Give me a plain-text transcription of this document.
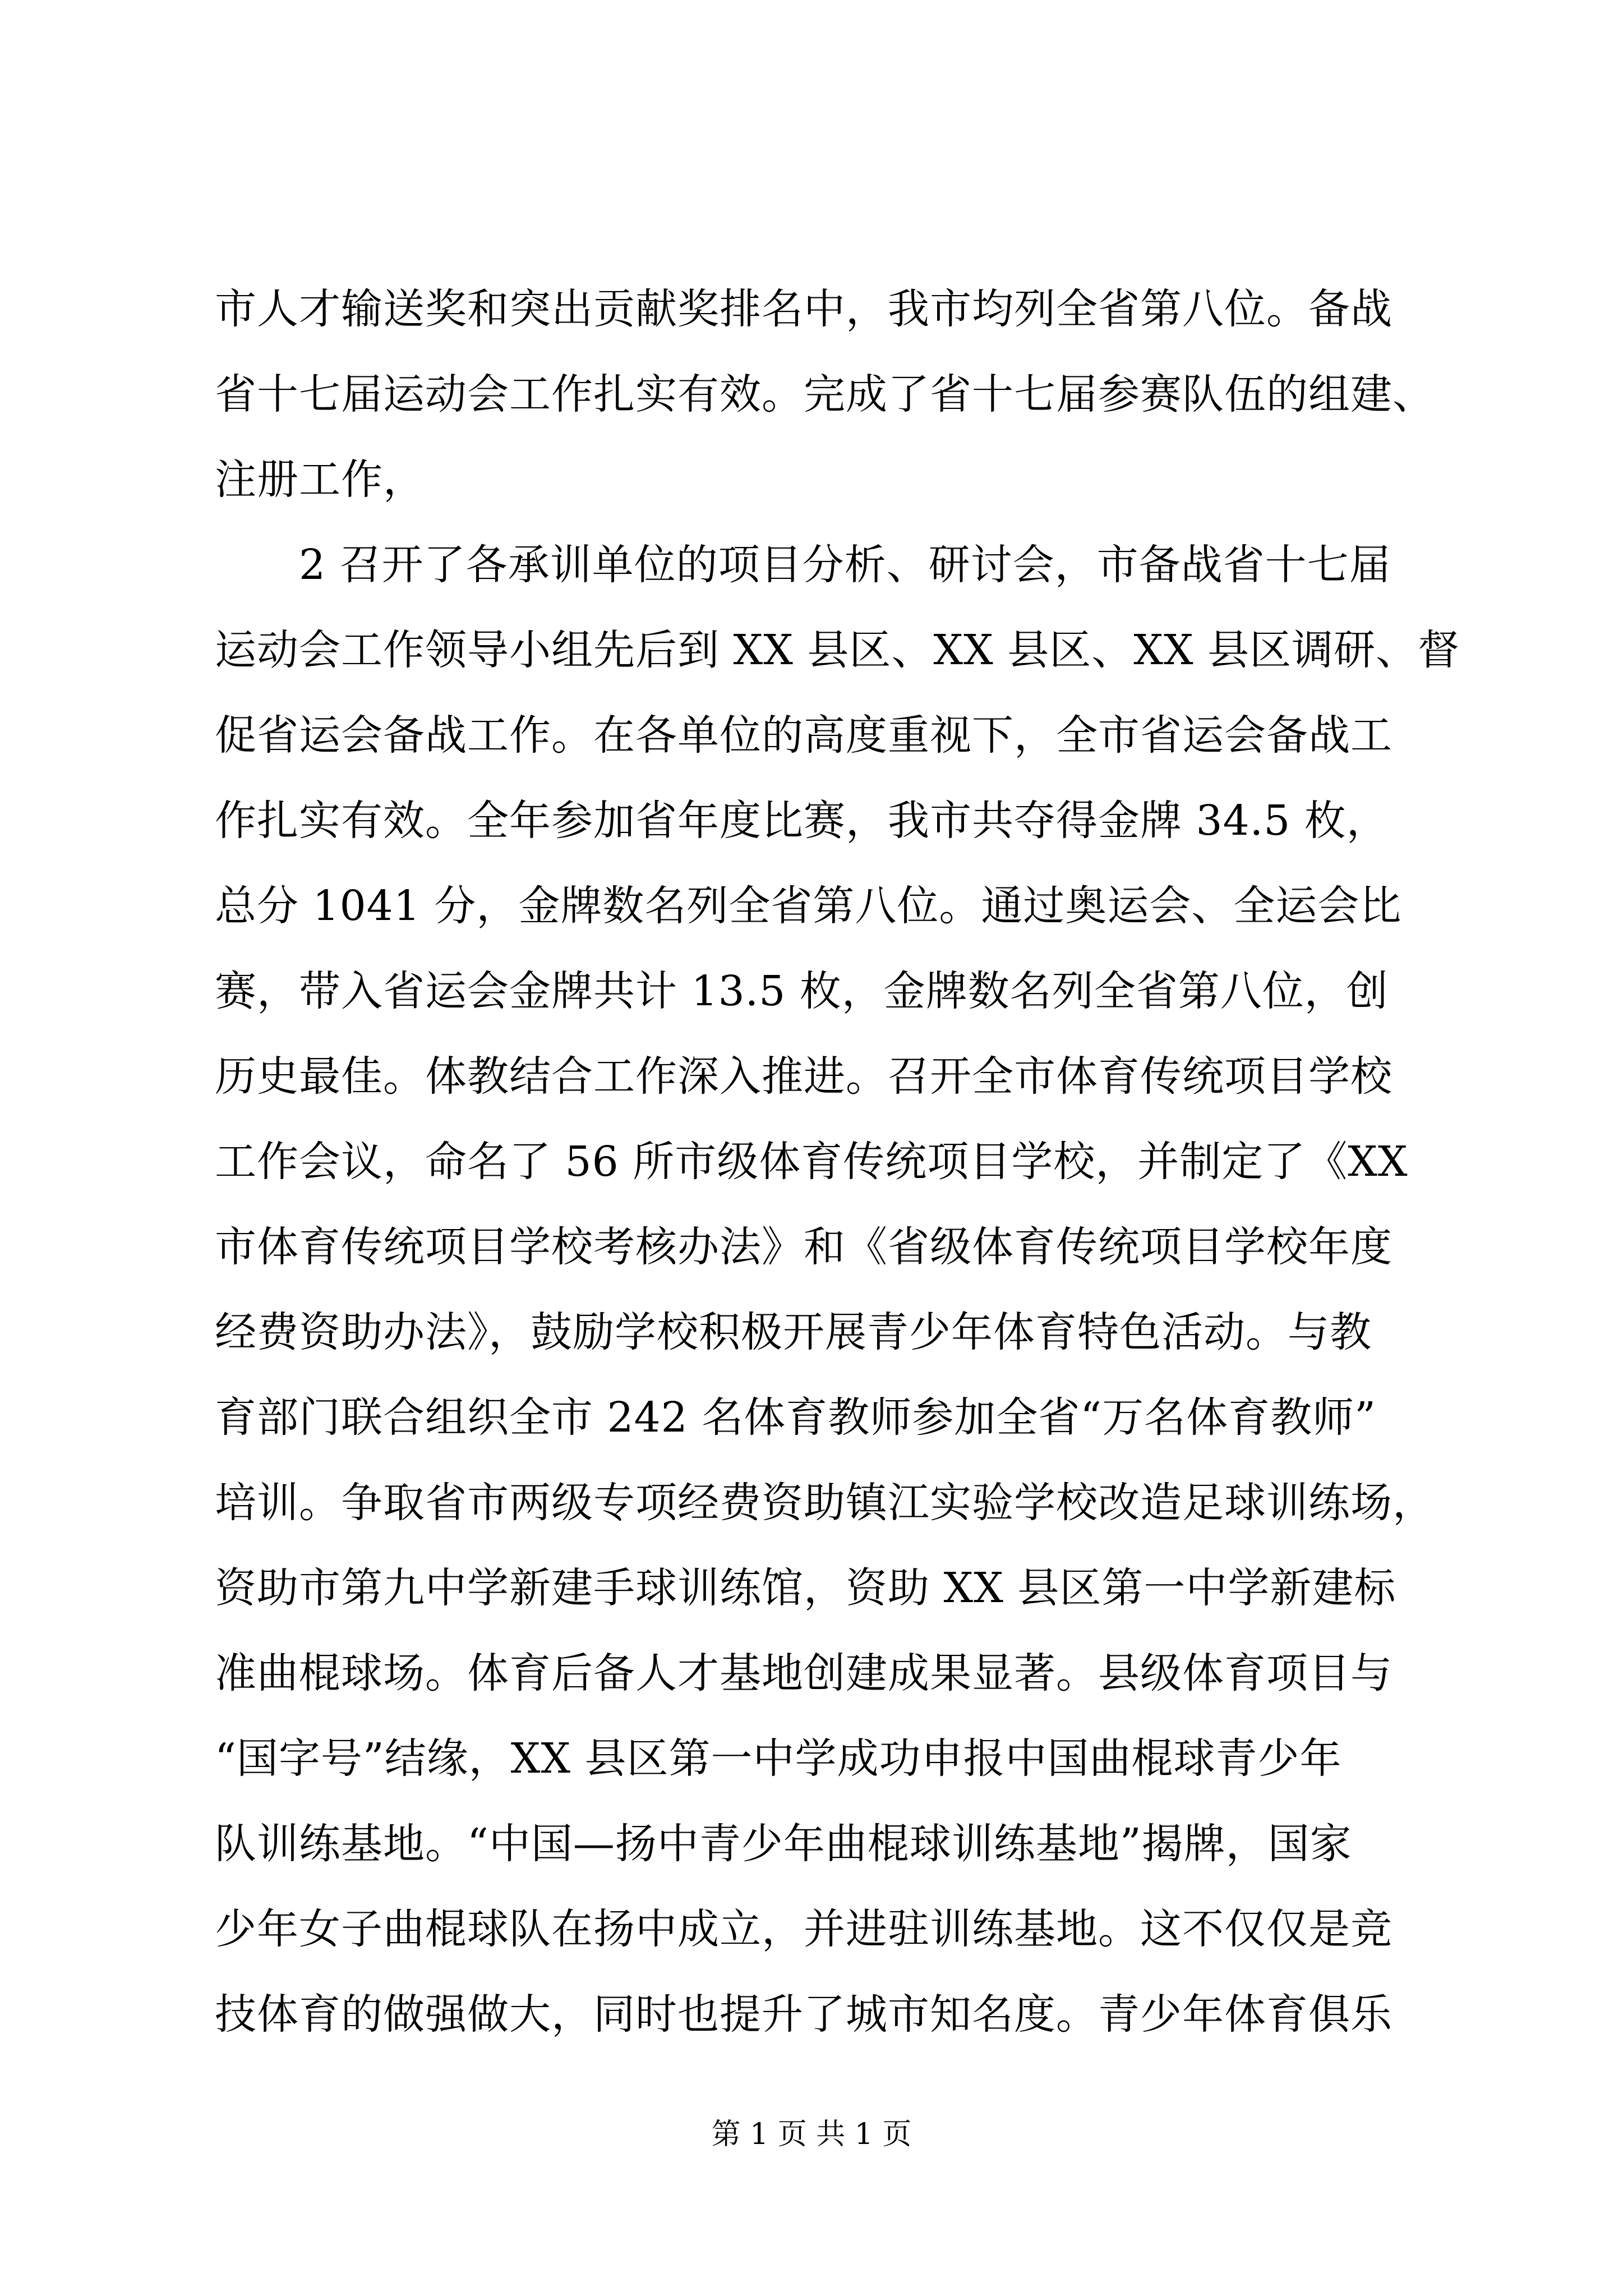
市人才输送奖和突出贡献奖排名中，我市均列全省第八位。备战
省十七届运动会工作扎实有效。完成了省十七届参赛队伍的组建、
注册工作，
　　2 召开了各承训单位的项目分析、研讨会，市备战省十七届
运动会工作领导小组先后到 XX 县区、XX 县区、XX 县区调研、督
促省运会备战工作。在各单位的高度重视下，全市省运会备战工
作扎实有效。全年参加省年度比赛，我市共夺得金牌 34.5 枚，
总分 1041 分，金牌数名列全省第八位。通过奥运会、全运会比
赛，带入省运会金牌共计 13.5 枚，金牌数名列全省第八位，创
历史最佳。体教结合工作深入推进。召开全市体育传统项目学校
工作会议，命名了 56 所市级体育传统项目学校，并制定了《XX
市体育传统项目学校考核办法》和《省级体育传统项目学校年度
经费资助办法》，鼓励学校积极开展青少年体育特色活动。与教
育部门联合组织全市 242 名体育教师参加全省“万名体育教师”
培训。争取省市两级专项经费资助镇江实验学校改造足球训练场，
资助市第九中学新建手球训练馆，资助 XX 县区第一中学新建标
准曲棍球场。体育后备人才基地创建成果显著。县级体育项目与
“国字号”结缘，XX 县区第一中学成功申报中国曲棍球青少年
队训练基地。“中国—扬中青少年曲棍球训练基地”揭牌，国家
少年女子曲棍球队在扬中成立，并进驻训练基地。这不仅仅是竞
技体育的做强做大，同时也提升了城市知名度。青少年体育俱乐
第 1 页 共 1 页
